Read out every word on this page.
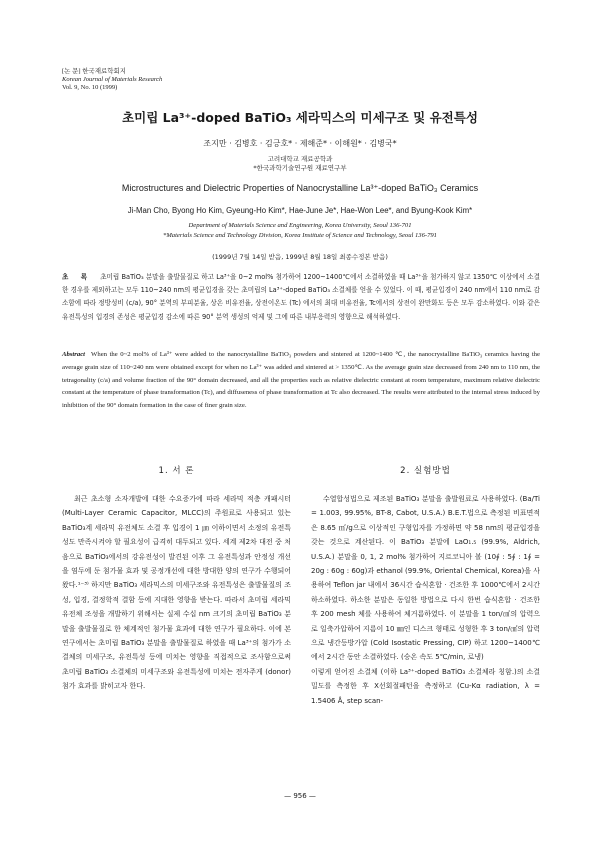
[논 문] 한국재료학회지
Korean Journal of Materials Research
Vol. 9, No. 10 (1999)
초미립 La³⁺-doped BaTiO₃ 세라믹스의 미세구조 및 유전특성
조지만 · 김병호 · 김긍호* · 제해준* · 이해원* · 김병국*
고려대학교 재료공학과
*한국과학기술연구원 재료연구부
Microstructures and Dielectric Properties of Nanocrystalline La³⁺-doped BaTiO₃ Ceramics
Ji-Man Cho, Byong Ho Kim, Gyeung-Ho Kim*, Hae-June Je*, Hae-Won Lee*, and Byung-Kook Kim*
Department of Materials Science and Engineering, Korea University, Seoul 136-701
*Materials Science and Technology Division, Korea Institute of Science and Technology, Seoul 136-791
(1999년 7월 14일 받음, 1999년 8월 18일 최종수정본 받음)
초 록 초미립 BaTiO₃ 분말을 출발물질로 하고 La³⁺을 0~2 mol% 첨가하여 1200~1400℃에서 소결하였을 때 La³⁺을 첨가하지 않고 1350℃ 이상에서 소결한 경우를 제외하고는 모두 110~240 nm의 평균입경을 갖는 초미립의 La³⁺-doped BaTiO₃ 소결체를 얻을 수 있었다. 이 때, 평균입경이 240 nm에서 110 nm로 감소함에 따라 정방성비 (c/a), 90° 분역의 부피분율, 상온 비유전율, 상전이온도 (Tc) 에서의 최대 비유전율, Tc에서의 상전이 완만화도 등은 모두 감소하였다. 이와 같은 유전특성의 입경의 존성은 평균입경 감소에 따른 90° 분역 생성의 억제 및 그에 따른 내부응력의 영향으로 해석하였다.
Abstract When the 0~2 mol% of La³⁺ were added to the nanocrystalline BaTiO₃ powders and sintered at 1200~1400 ℃, the nanocrystalline BaTiO₃ ceramics having the average grain size of 110~240 nm were obtained except for when no La³⁺ was added and sintered at > 1350℃. As the average grain size decreased from 240 nm to 110 nm, the tetragonality (c/a) and volume fraction of the 90° domain decreased, and all the properties such as relative dielectric constant at room temperature, maximum relative dielectric constant at the temperature of phase transformation (Tc), and diffuseness of phase transformation at Tc also decreased. The results were attributed to the internal stress induced by inhibition of the 90° domain formation in the case of finer grain size.
1. 서 론

최근 초소형 소자개발에 대한 수요증가에 따라 세라믹 적층 캐패시터 (Multi-Layer Ceramic Capacitor, MLCC)의 주원료로 사용되고 있는 BaTiO₃계 세라믹 유전체도 소결 후 입경이 1 ㎛ 이하이면서 소정의 유전특성도 만족시켜야 할 필요성이 급격히 대두되고 있다. 세계 제2차 대전 중 처음으로 BaTiO₃에서의 강유전성이 발견된 이후 그 유전특성과 안정성 개선을 염두에 둔 첨가물 효과 및 공정개선에 대한 방대한 양의 연구가 수행되어 왔다.¹⁻³⁾ 하지만 BaTiO₃ 세라믹스의 미세구조와 유전특성은 출발물질의 조성, 입경, 결정학적 결함 등에 지대한 영향을 받는다. 따라서 초미립 세라믹 유전체 조성을 개발하기 위해서는 실제 수십 nm 크기의 초미립 BaTiO₃ 분말을 출발물질로 한 체계적인 첨가물 효과에 대한 연구가 필요하다. 이에 본 연구에서는 초미립 BaTiO₃ 분말을 출발물질로 하였을 때 La³⁺의 첨가가 소결체의 미세구조, 유전특성 등에 미치는 영향을 직접적으로 조사함으로써 초미립 BaTiO₃ 소결체의 미세구조와 유전특성에 미치는 전자주게 (donor) 첨가 효과를 밝히고자 한다.

2. 실험방법

수열합성법으로 제조된 BaTiO₃ 분말을 출발원료로 사용하였다. (Ba/Ti = 1.003, 99.95%, BT-8, Cabot, U.S.A.) B.E.T.법으로 측정된 비표면적은 8.65 ㎡/g으로 이상적인 구형입자를 가정하면 약 58 nm의 평균입경을 갖는 것으로 계산된다. 이 BaTiO₃ 분말에 LaO₁.₅ (99.9%, Aldrich, U.S.A.) 분말을 0, 1, 2 mol% 첨가하여 지르코니아 볼 (10∮ : 5∮ : 1∮ = 20g : 60g : 60g)과 ethanol (99.9%, Oriental Chemical, Korea)을 사용하여 Teflon jar 내에서 36시간 습식혼합 · 건조한 후 1000℃에서 2시간 하소하였다. 하소한 분말은 동일한 방법으로 다시 한번 습식혼합 · 건조한 후 200 mesh 체를 사용하여 체거름하였다. 이 분말을 1 ton/㎠의 압력으로 일축가압하여 지름이 10 ㎜인 디스크 형태로 성형한 후 3 ton/㎠의 압력으로 냉간등방가압 (Cold Isostatic Pressing, CIP) 하고 1200~1400℃에서 2시간 동안 소결하였다. (승온 속도 5℃/min, 로냉)
이렇게 얻어진 소결체 (이하 La³⁺-doped BaTiO₃ 소결체라 칭함.)의 소결밀도를 측정한 후 X선회절패턴을 측정하고 (Cu-Kα radiation, λ = 1.5406 Å, step scan-

— 956 —
